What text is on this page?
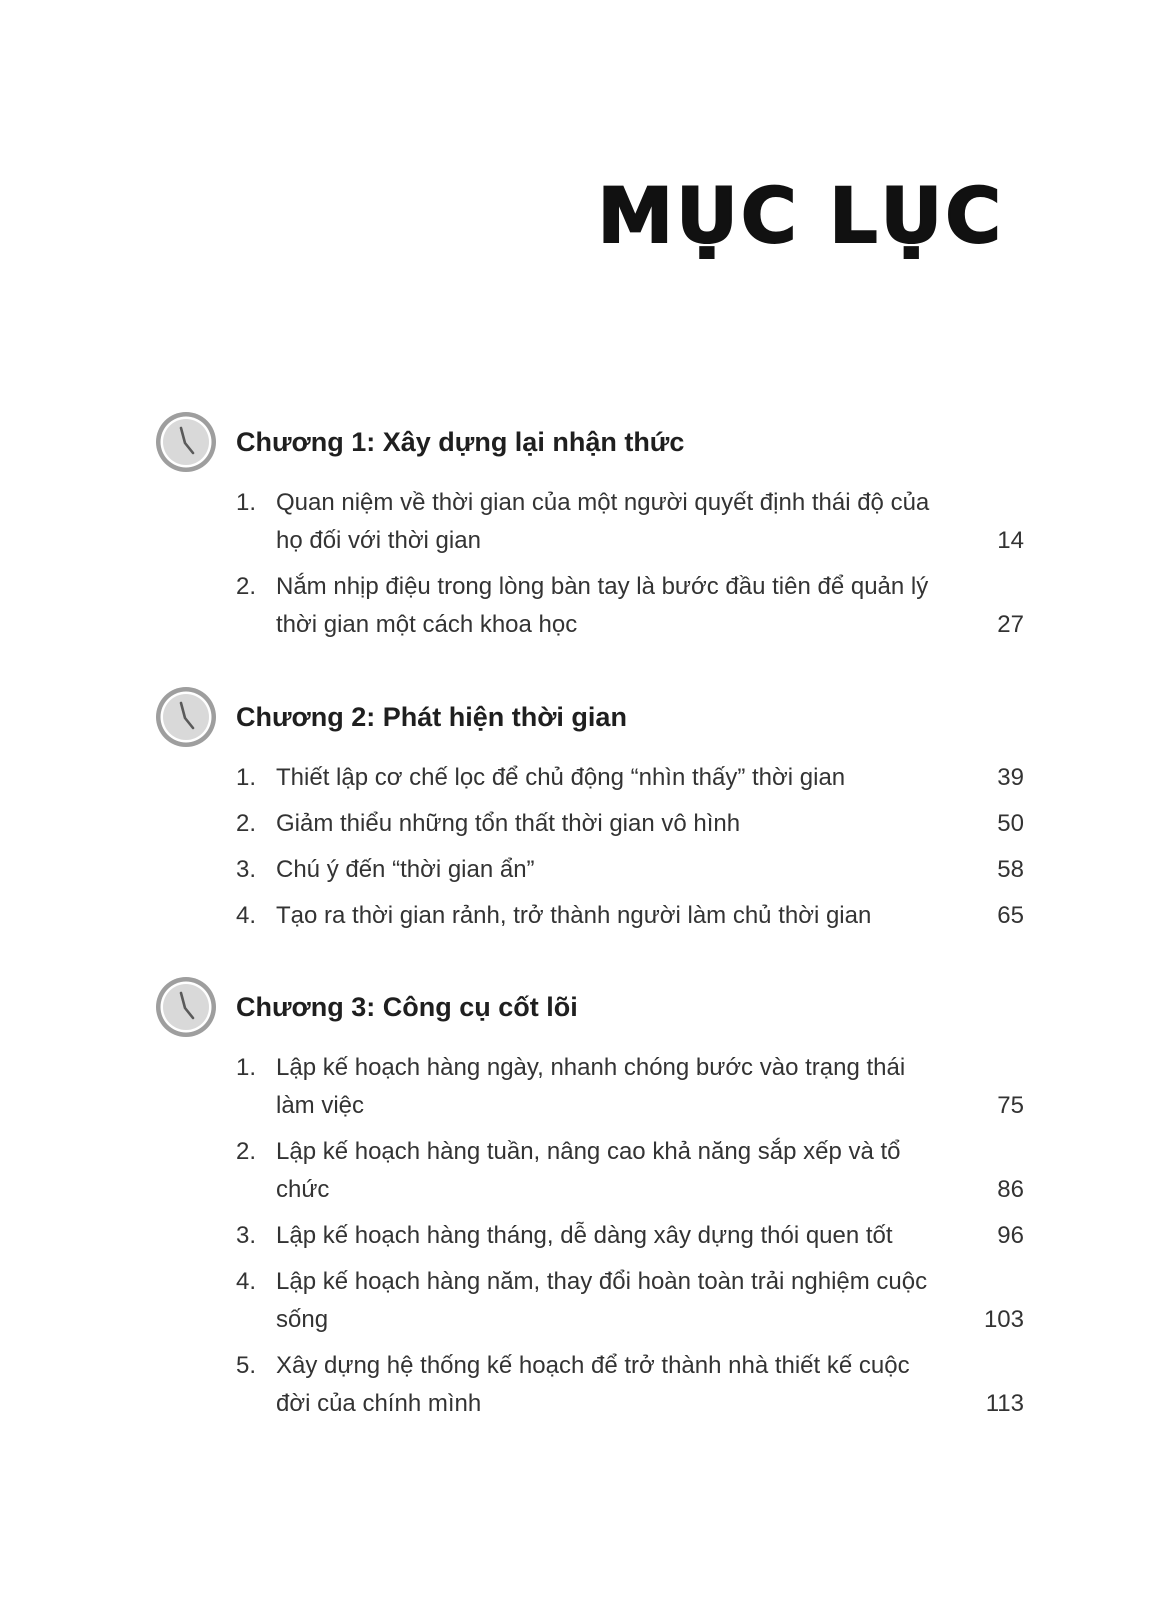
MỤC LỤC
Chương 1: Xây dựng lại nhận thức
1. Quan niệm về thời gian của một người quyết định thái độ của họ đối với thời gian	14
2. Nắm nhịp điệu trong lòng bàn tay là bước đầu tiên để quản lý thời gian một cách khoa học	27
Chương 2: Phát hiện thời gian
1. Thiết lập cơ chế lọc để chủ động “nhìn thấy” thời gian	39
2. Giảm thiểu những tổn thất thời gian vô hình	50
3. Chú ý đến “thời gian ẩn”	58
4. Tạo ra thời gian rảnh, trở thành người làm chủ thời gian	65
Chương 3: Công cụ cốt lõi
1. Lập kế hoạch hàng ngày, nhanh chóng bước vào trạng thái làm việc	75
2. Lập kế hoạch hàng tuần, nâng cao khả năng sắp xếp và tổ chức	86
3. Lập kế hoạch hàng tháng, dễ dàng xây dựng thói quen tốt	96
4. Lập kế hoạch hàng năm, thay đổi hoàn toàn trải nghiệm cuộc sống	103
5. Xây dựng hệ thống kế hoạch để trở thành nhà thiết kế cuộc đời của chính mình	113
